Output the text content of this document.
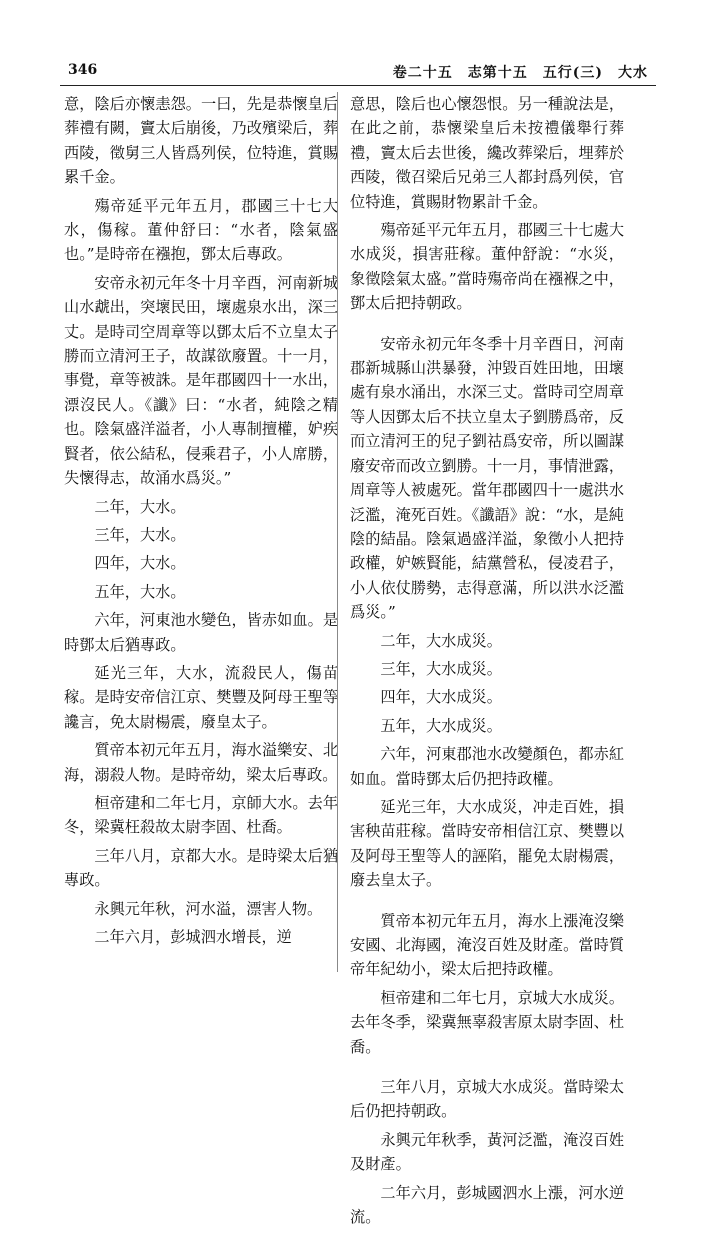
346	卷二十五　志第十五　五行(三)　大水

意，陰后亦懷恚怨。一曰，先是恭懷皇后葬禮有闕，竇太后崩後，乃改殯梁后，葬西陵，徵舅三人皆爲列侯，位特進，賞賜累千金。

殤帝延平元年五月，郡國三十七大水，傷稼。董仲舒曰：“水者，陰氣盛也。”是時帝在襁抱，鄧太后專政。

安帝永初元年冬十月辛酉，河南新城山水虣出，突壞民田，壞處泉水出，深三丈。是時司空周章等以鄧太后不立皇太子勝而立清河王子，故謀欲廢置。十一月，事覺，章等被誅。是年郡國四十一水出，漂沒民人。《讖》曰：“水者，純陰之精也。陰氣盛洋溢者，小人專制擅權，妒疾賢者，依公結私，侵乘君子，小人席勝，失懷得志，故涌水爲災。”

二年，大水。

三年，大水。

四年，大水。

五年，大水。

六年，河東池水變色，皆赤如血。是時鄧太后猶專政。

延光三年，大水，流殺民人，傷苗稼。是時安帝信江京、樊豐及阿母王聖等讒言，免太尉楊震，廢皇太子。

質帝本初元年五月，海水溢樂安、北海，溺殺人物。是時帝幼，梁太后專政。

桓帝建和二年七月，京師大水。去年冬，梁冀枉殺故太尉李固、杜喬。

三年八月，京都大水。是時梁太后猶專政。

永興元年秋，河水溢，漂害人物。

二年六月，彭城泗水增長，逆

意思，陰后也心懷怨恨。另一種說法是，在此之前，恭懷梁皇后未按禮儀舉行葬禮，竇太后去世後，纔改葬梁后，埋葬於西陵，徵召梁后兄弟三人都封爲列侯，官位特進，賞賜財物累計千金。

殤帝延平元年五月，郡國三十七處大水成災，損害莊稼。董仲舒說：“水災，象徵陰氣太盛。”當時殤帝尚在襁褓之中，鄧太后把持朝政。

安帝永初元年冬季十月辛酉日，河南郡新城縣山洪暴發，沖毀百姓田地，田壞處有泉水涌出，水深三丈。當時司空周章等人因鄧太后不扶立皇太子劉勝爲帝，反而立清河王的兒子劉祜爲安帝，所以圖謀廢安帝而改立劉勝。十一月，事情泄露，周章等人被處死。當年郡國四十一處洪水泛濫，淹死百姓。《讖語》說：“水，是純陰的結晶。陰氣過盛洋溢，象徵小人把持政權，妒嫉賢能，結黨營私，侵凌君子，小人依仗勝勢，志得意滿，所以洪水泛濫爲災。”

二年，大水成災。

三年，大水成災。

四年，大水成災。

五年，大水成災。

六年，河東郡池水改變顏色，都赤紅如血。當時鄧太后仍把持政權。

延光三年，大水成災，冲走百姓，損害秧苗莊稼。當時安帝相信江京、樊豐以及阿母王聖等人的誣陷，罷免太尉楊震，廢去皇太子。

質帝本初元年五月，海水上漲淹沒樂安國、北海國，淹沒百姓及財產。當時質帝年紀幼小，梁太后把持政權。

桓帝建和二年七月，京城大水成災。去年冬季，梁冀無辜殺害原太尉李固、杜喬。

三年八月，京城大水成災。當時梁太后仍把持朝政。

永興元年秋季，黃河泛濫，淹沒百姓及財產。

二年六月，彭城國泗水上漲，河水逆流。
